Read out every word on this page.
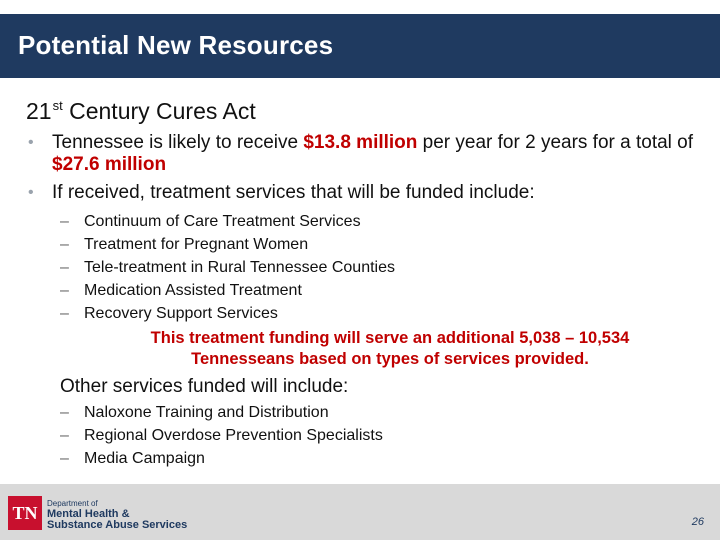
Potential New Resources
21st Century Cures Act
• Tennessee is likely to receive $13.8 million per year for 2 years for a total of $27.6 million
• If received, treatment services that will be funded include:
– Continuum of Care Treatment Services
– Treatment for Pregnant Women
– Tele-treatment in Rural Tennessee Counties
– Medication Assisted Treatment
– Recovery Support Services
This treatment funding will serve an additional 5,038 – 10,534
Tennesseans based on types of services provided.
Other services funded will include:
– Naloxone Training and Distribution
– Regional Overdose Prevention Specialists
– Media Campaign
TN	Department of
Mental Health &
Substance Abuse Services	26
